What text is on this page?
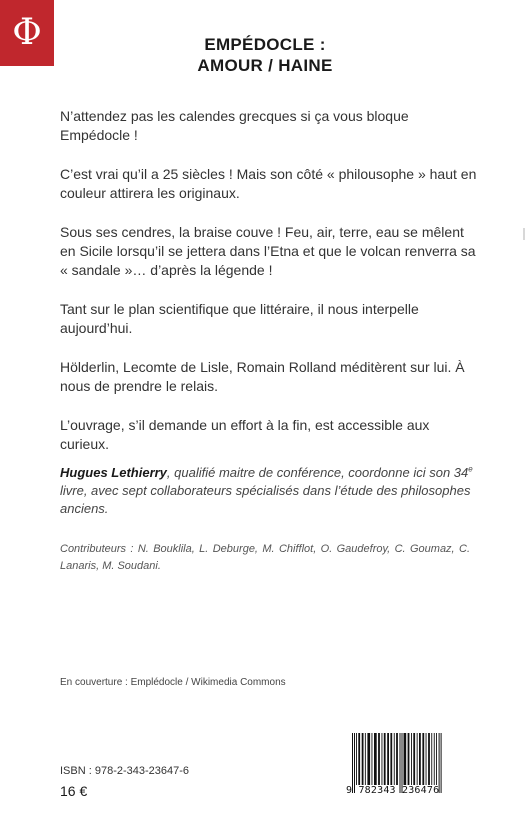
Φ	EMPÉDOCLE :
AMOUR / HAINE

N’attendez pas les calendes grecques si ça vous bloque Empédocle !

C’est vrai qu’il a 25 siècles ! Mais son côté « philousophe » haut en couleur attirera les originaux.

Sous ses cendres, la braise couve ! Feu, air, terre, eau se mêlent en Sicile lorsqu’il se jettera dans l’Etna et que le volcan renverra sa « sandale »… d’après la légende !

Tant sur le plan scientifique que littéraire, il nous interpelle aujourd’hui.

Hölderlin, Lecomte de Lisle, Romain Rolland méditèrent sur lui. À nous de prendre le relais.

L’ouvrage, s’il demande un effort à la fin, est accessible aux curieux.

Hugues Lethierry, qualifié maitre de conférence, coordonne ici son 34e livre, avec sept collaborateurs spécialisés dans l’étude des philosophes anciens.
Contributeurs : N. Bouklila, L. Deburge, M. Chifflot, O. Gaudefroy, C. Goumaz, C. Lanaris, M. Soudani.
En couverture : Emplédocle / Wikimedia Commons
ISBN : 978-2-343-23647-6
16 €	9 782343 236476
